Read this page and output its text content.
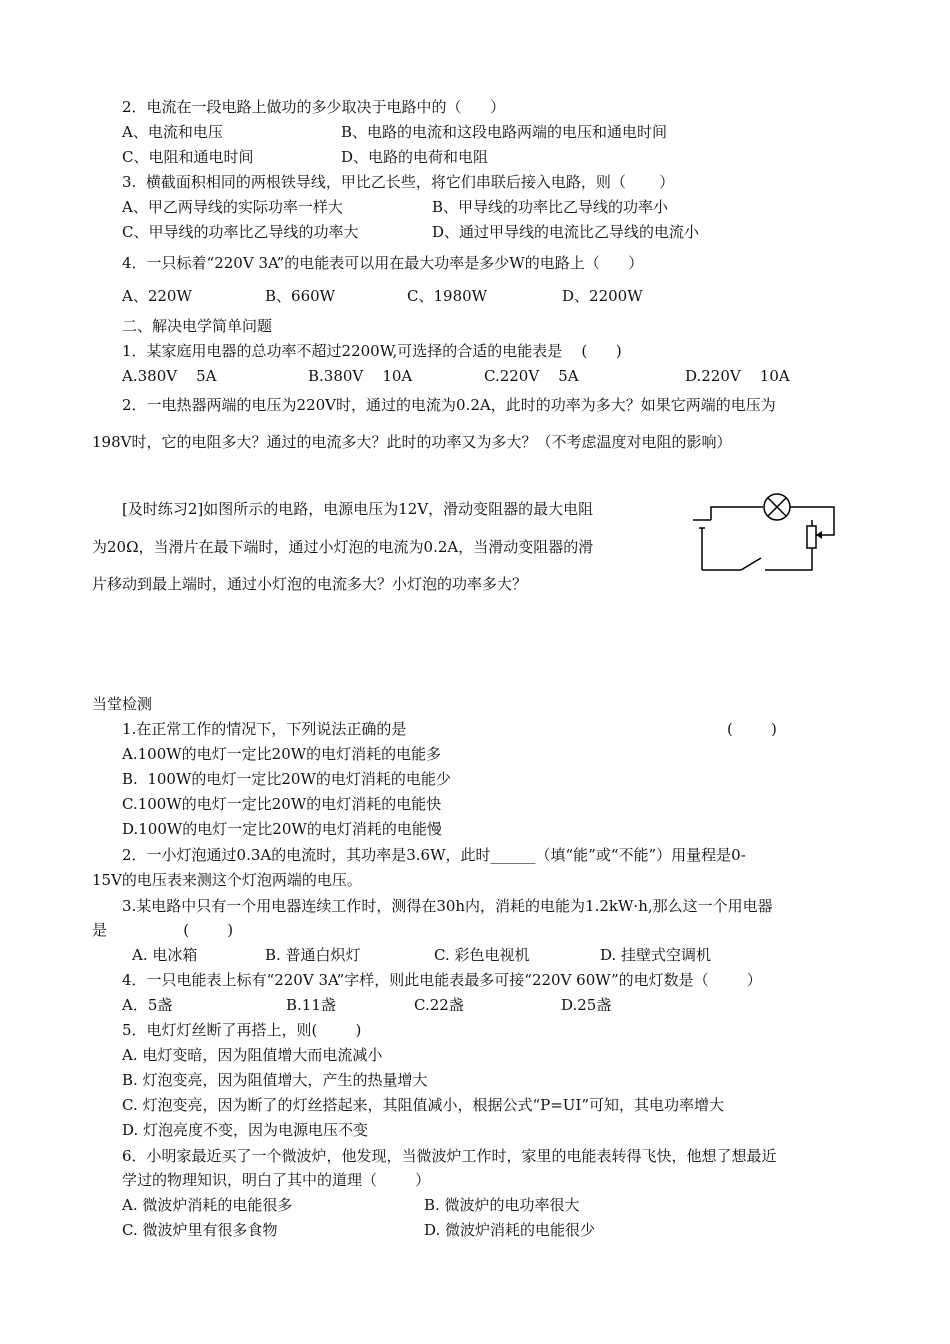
2．电流在一段电路上做功的多少取决于电路中的（      ）
A、电流和电压	B、电路的电流和这段电路两端的电压和通电时间
C、电阻和通电时间	D、电路的电荷和电阻
3.  横截面积相同的两根铁导线，甲比乙长些，将它们串联后接入电路，则（       ）
A、甲乙两导线的实际功率一样大	B、甲导线的功率比乙导线的功率小
C、甲导线的功率比乙导线的功率大	D、通过甲导线的电流比乙导线的电流小
4．一只标着“220V 3A”的电能表可以用在最大功率是多少W的电路上（      ）
A、220W	B、660W	C、1980W	D、2200W
二、解决电学简单问题
1．某家庭用电器的总功率不超过2200W,可选择的合适的电能表是    (      )
A.380V    5A	B.380V    10A	C.220V    5A	D.220V    10A
2．一电热器两端的电压为220V时，通过的电流为0.2A，此时的功率为多大？如果它两端的电压为
198V时，它的电阻多大？通过的电流多大？此时的功率又为多大？（不考虑温度对电阻的影响）
[及时练习2]如图所示的电路，电源电压为12V，滑动变阻器的最大电阻
为20Ω，当滑片在最下端时，通过小灯泡的电流为0.2A，当滑动变阻器的滑
片移动到最上端时，通过小灯泡的电流多大？小灯泡的功率多大？
当堂检测
1.在正常工作的情况下，下列说法正确的是	(        )
A.100W的电灯一定比20W的电灯消耗的电能多
B.  100W的电灯一定比20W的电灯消耗的电能少
C.100W的电灯一定比20W的电灯消耗的电能快
D.100W的电灯一定比20W的电灯消耗的电能慢
2．一小灯泡通过0.3A的电流时，其功率是3.6W，此时______（填“能”或“不能”）用量程是0-
15V的电压表来测这个灯泡两端的电压。
3.某电路中只有一个用电器连续工作时，测得在30h内，消耗的电能为1.2kW·h,那么这一个用电器
是                (        )
A. 电冰箱	B. 普通白炽灯	C. 彩色电视机	D. 挂壁式空调机
4．一只电能表上标有“220V 3A”字样，则此电能表最多可接“220V 60W”的电灯数是（        ）
A．5盏	B.11盏	C.22盏	D.25盏
5．电灯灯丝断了再搭上，则(        )
A. 电灯变暗，因为阻值增大而电流减小
B. 灯泡变亮，因为阻值增大，产生的热量增大
C. 灯泡变亮，因为断了的灯丝搭起来，其阻值减小，根据公式“P=UI”可知，其电功率增大
D. 灯泡亮度不变，因为电源电压不变
6．小明家最近买了一个微波炉，他发现，当微波炉工作时，家里的电能表转得飞快，他想了想最近
学过的物理知识，明白了其中的道理（        ）
A. 微波炉消耗的电能很多	B. 微波炉的电功率很大
C. 微波炉里有很多食物	D. 微波炉消耗的电能很少
